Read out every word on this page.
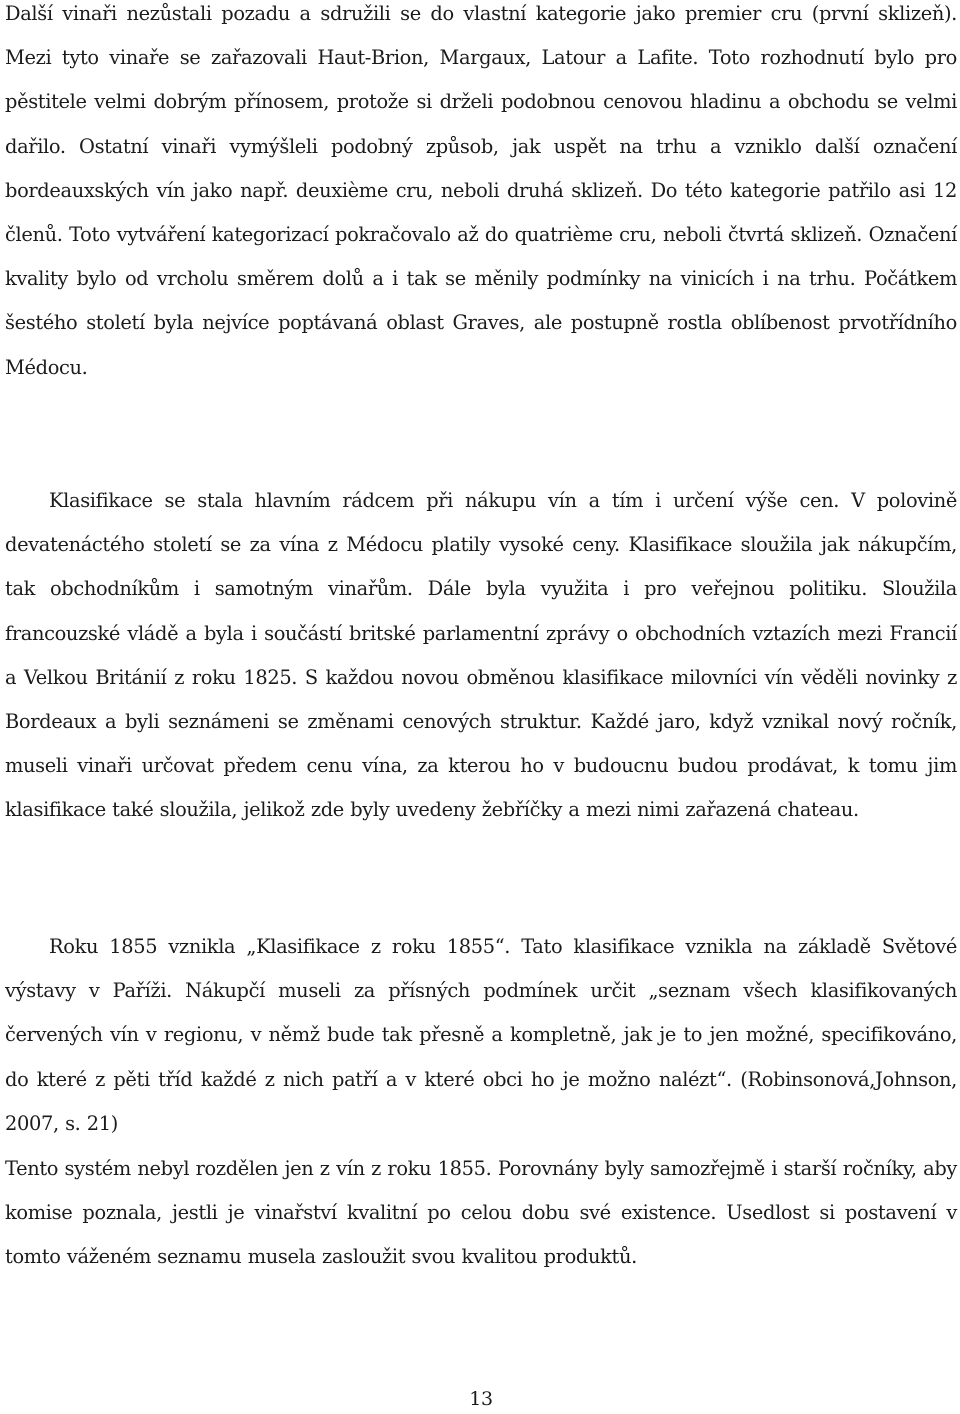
Další vinaři nezůstali pozadu a sdružili se do vlastní kategorie jako premier cru (první sklizeň). Mezi tyto vinaře se zařazovali Haut-Brion, Margaux, Latour a Lafite. Toto rozhodnutí bylo pro pěstitele velmi dobrým přínosem, protože si drželi podobnou cenovou hladinu a obchodu se velmi dařilo. Ostatní vinaři vymýšleli podobný způsob, jak uspět na trhu a vzniklo další označení bordeauxských vín jako např. deuxième cru, neboli druhá sklizeň. Do této kategorie patřilo asi 12 členů. Toto vytváření kategorizací pokračovalo až do quatrième cru, neboli čtvrtá sklizeň. Označení kvality bylo od vrcholu směrem dolů a i tak se měnily podmínky na vinicích i na trhu. Počátkem šestého století byla nejvíce poptávaná oblast Graves, ale postupně rostla oblíbenost prvotřídního Médocu.

Klasifikace se stala hlavním rádcem při nákupu vín a tím i určení výše cen. V polovině devatenáctého století se za vína z Médocu platily vysoké ceny. Klasifikace sloužila jak nákupčím, tak obchodníkům i samotným vinařům. Dále byla využita i pro veřejnou politiku. Sloužila francouzské vládě a byla i součástí britské parlamentní zprávy o obchodních vztazích mezi Francií a Velkou Británií z roku 1825. S každou novou obměnou klasifikace milovníci vín věděli novinky z Bordeaux a byli seznámeni se změnami cenových struktur. Každé jaro, když vznikal nový ročník, museli vinaři určovat předem cenu vína, za kterou ho v budoucnu budou prodávat, k tomu jim klasifikace také sloužila, jelikož zde byly uvedeny žebříčky a mezi nimi zařazená chateau.

Roku 1855 vznikla „Klasifikace z roku 1855“. Tato klasifikace vznikla na základě Světové výstavy v Paříži. Nákupčí museli za přísných podmínek určit „seznam všech klasifikovaných červených vín v regionu, v němž bude tak přesně a kompletně, jak je to jen možné, specifikováno, do které z pěti tříd každé z nich patří a v které obci ho je možno nalézt“. (Robinsonová,Johnson, 2007, s. 21)

Tento systém nebyl rozdělen jen z vín z roku 1855. Porovnány byly samozřejmě i starší ročníky, aby komise poznala, jestli je vinařství kvalitní po celou dobu své existence. Usedlost si postavení v tomto váženém seznamu musela zasloužit svou kvalitou produktů.

13
